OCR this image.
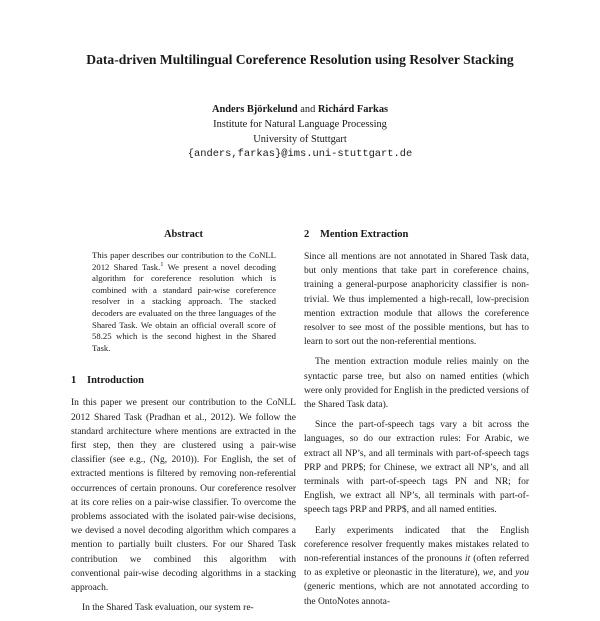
Data-driven Multilingual Coreference Resolution using Resolver Stacking
Anders Björkelund and Richárd Farkas
Institute for Natural Language Processing
University of Stuttgart
{anders,farkas}@ims.uni-stuttgart.de
Abstract
This paper describes our contribution to the CoNLL 2012 Shared Task.$^1$ We present a novel decoding algorithm for coreference resolution which is combined with a standard pair-wise coreference resolver in a stacking approach. The stacked decoders are evaluated on the three languages of the Shared Task. We obtain an official overall score of 58.25 which is the second highest in the Shared Task.
1 Introduction

In this paper we present our contribution to the CoNLL 2012 Shared Task (Pradhan et al., 2012). We follow the standard architecture where mentions are extracted in the first step, then they are clustered using a pair-wise classifier (see e.g., (Ng, 2010)). For English, the set of extracted mentions is filtered by removing non-referential occurrences of certain pronouns. Our coreference resolver at its core relies on a pair-wise classifier. To overcome the problems associated with the isolated pair-wise decisions, we devised a novel decoding algorithm which compares a mention to partially built clusters. For our Shared Task contribution we combined this algorithm with conventional pair-wise decoding algorithms in a stacking approach.

In the Shared Task evaluation, our system re-

2 Mention Extraction

Since all mentions are not annotated in Shared Task data, but only mentions that take part in coreference chains, training a general-purpose anaphoricity classifier is non-trivial. We thus implemented a high-recall, low-precision mention extraction module that allows the coreference resolver to see most of the possible mentions, but has to learn to sort out the non-referential mentions.

The mention extraction module relies mainly on the syntactic parse tree, but also on named entities (which were only provided for English in the predicted versions of the Shared Task data).

Since the part-of-speech tags vary a bit across the languages, so do our extraction rules: For Arabic, we extract all NP’s, and all terminals with part-of-speech tags PRP and PRP$; for Chinese, we extract all NP’s, and all terminals with part-of-speech tags PN and NR; for English, we extract all NP’s, all terminals with part-of-speech tags PRP and PRP$, and all named entities.

Early experiments indicated that the English coreference resolver frequently makes mistakes related to non-referential instances of the pronouns it (often referred to as expletive or pleonastic in the literature), we, and you (generic mentions, which are not annotated according to the OntoNotes annota-
